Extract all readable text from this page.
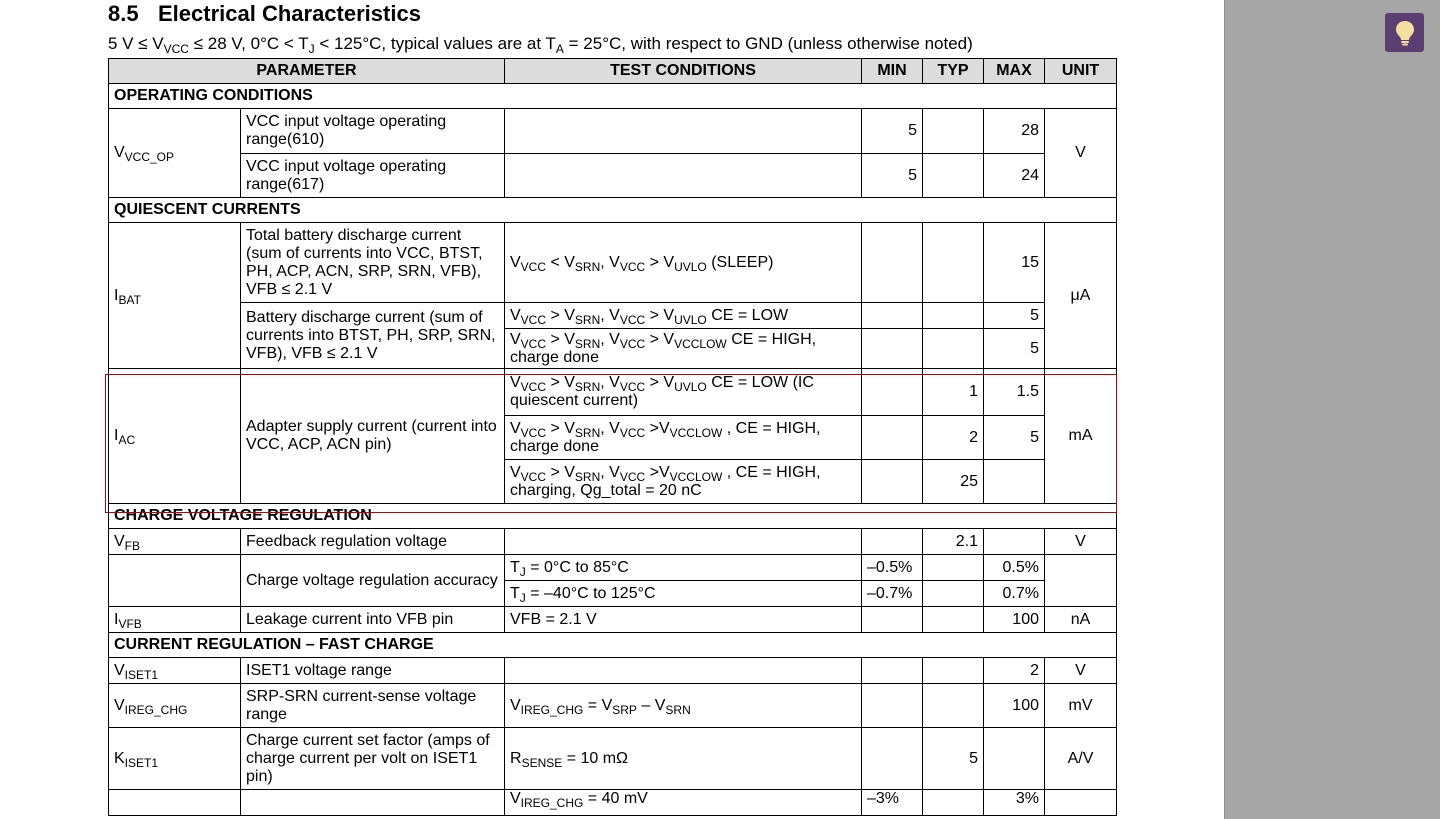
8.5 Electrical Characteristics
5 $V \le V_{VCC} \le 28$ V, $0^\circ C < T_J < 125^\circ C$, typical values are at $T_A = 25^\circ C$, with respect to GND (unless otherwise noted)
PARAMETER		TEST CONDITIONS	MIN	TYP	MAX	UNIT
OPERATING CONDITIONS						
$V_{VCC\_OP}$	VCC input voltage operating range(610)		5		28	V
	VCC input voltage operating range(617)		5		24	
QUIESCENT CURRENTS						
$I_{BAT}$	Total battery discharge current (sum of currents into VCC, BTST, PH, ACP, ACN, SRP, SRN, VFB), VFB ≤ 2.1 V	$V_{VCC} < V_{SRN}$, $V_{VCC} > V_{UVLO}$ (SLEEP)			15	μA
	Battery discharge current (sum of currents into BTST, PH, SRP, SRN, VFB), VFB ≤ 2.1 V	$V_{VCC} > V_{SRN}$, $V_{VCC} > V_{UVLO}$ CE = LOW			5	
		$V_{VCC} > V_{SRN}$, $V_{VCC} > V_{VCCLOW}$ CE = HIGH, charge done			5	
$I_{AC}$	Adapter supply current (current into VCC, ACP, ACN pin)	$V_{VCC} > V_{SRN}$, $V_{VCC} > V_{UVLO}$ CE = LOW (IC quiescent current)		1	1.5	mA
		$V_{VCC} > V_{SRN}$, $V_{VCC} >V_{VCCLOW}$ , CE = HIGH, charge done		2	5	
		$V_{VCC} > V_{SRN}$, $V_{VCC} >V_{VCCLOW}$ , CE = HIGH, charging, Qg_total = 20 nC		25		
CHARGE VOLTAGE REGULATION						
$V_{FB}$	Feedback regulation voltage			2.1		V
	Charge voltage regulation accuracy	$T_J = 0^\circ C$ to 85°C	–0.5%		0.5%	
		$T_J = -40^\circ C$ to 125°C	–0.7%		0.7%	
$I_{VFB}$	Leakage current into VFB pin	VFB = 2.1 V			100	nA
CURRENT REGULATION – FAST CHARGE						
$V_{ISET1}$	ISET1 voltage range				2	V
$V_{IREG\_CHG}$	SRP-SRN current-sense voltage range	$V_{IREG\_CHG} = V_{SRP} - V_{SRN}$			100	mV
$K_{ISET1}$	Charge current set factor (amps of charge current per volt on ISET1 pin)	$R_{SENSE} = 10$ mΩ		5		A/V
		$V_{IREG\_CHG} = 40$ mV	–3%		3%	
